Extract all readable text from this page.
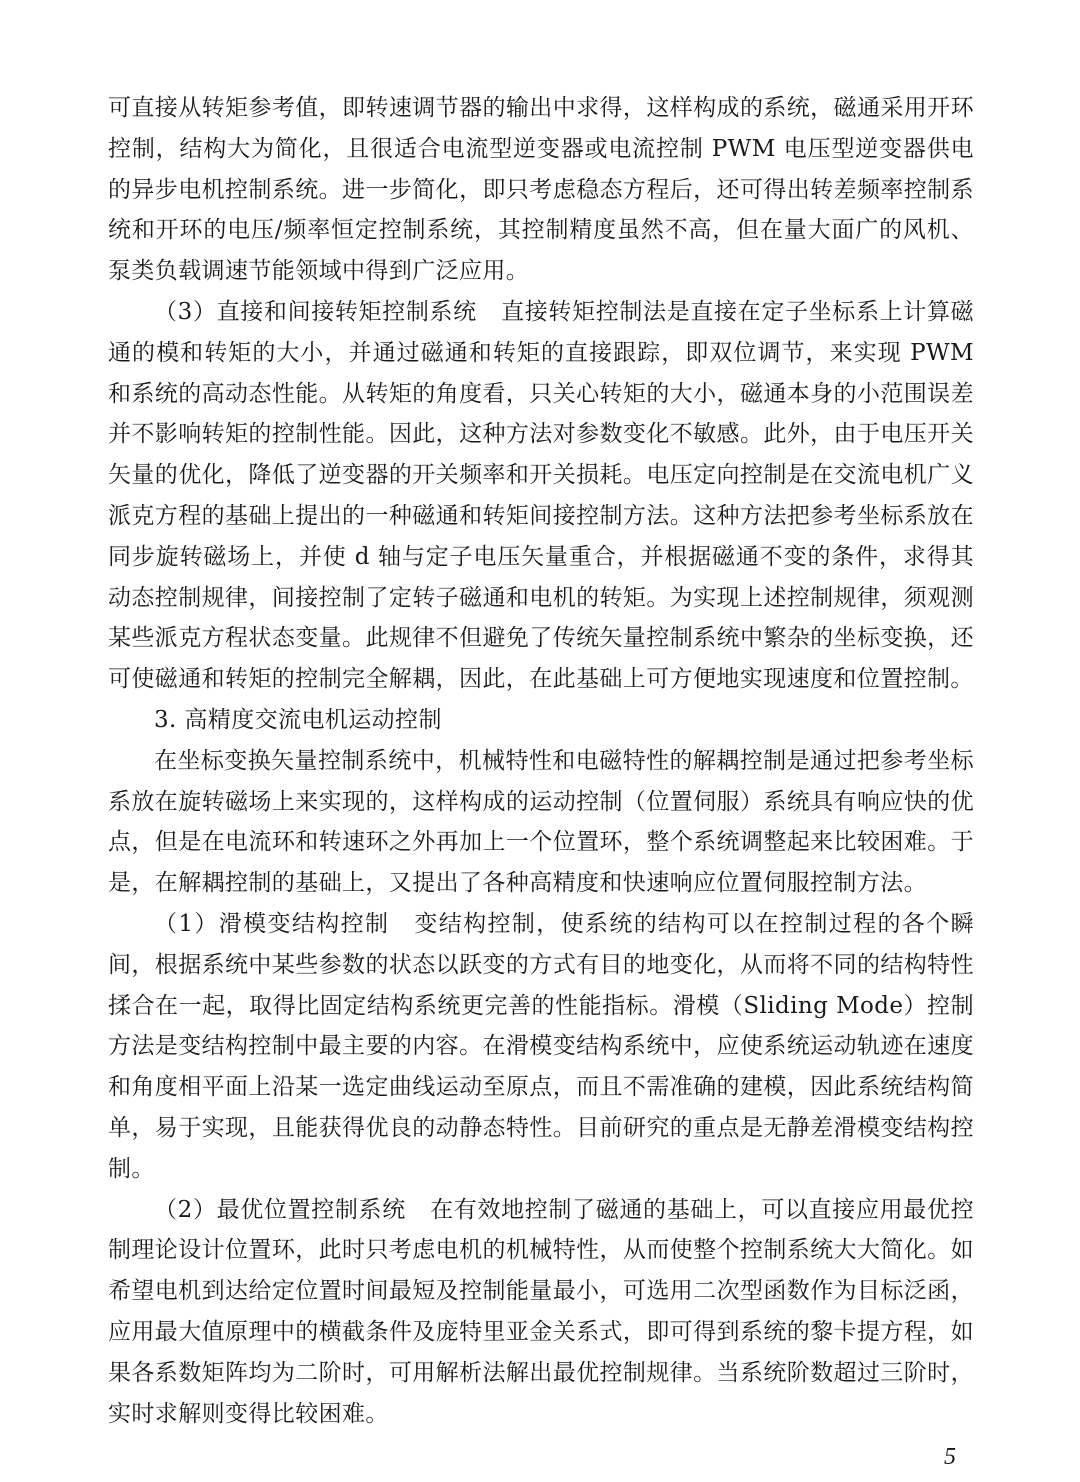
可直接从转矩参考值，即转速调节器的输出中求得，这样构成的系统，磁通采用开环控制，结构大为简化，且很适合电流型逆变器或电流控制 PWM 电压型逆变器供电的异步电机控制系统。进一步简化，即只考虑稳态方程后，还可得出转差频率控制系统和开环的电压/频率恒定控制系统，其控制精度虽然不高，但在量大面广的风机、泵类负载调速节能领域中得到广泛应用。

（3）直接和间接转矩控制系统 直接转矩控制法是直接在定子坐标系上计算磁通的模和转矩的大小，并通过磁通和转矩的直接跟踪，即双位调节，来实现 PWM 和系统的高动态性能。从转矩的角度看，只关心转矩的大小，磁通本身的小范围误差并不影响转矩的控制性能。因此，这种方法对参数变化不敏感。此外，由于电压开关矢量的优化，降低了逆变器的开关频率和开关损耗。电压定向控制是在交流电机广义派克方程的基础上提出的一种磁通和转矩间接控制方法。这种方法把参考坐标系放在同步旋转磁场上，并使 d 轴与定子电压矢量重合，并根据磁通不变的条件，求得其动态控制规律，间接控制了定转子磁通和电机的转矩。为实现上述控制规律，须观测某些派克方程状态变量。此规律不但避免了传统矢量控制系统中繁杂的坐标变换，还可使磁通和转矩的控制完全解耦，因此，在此基础上可方便地实现速度和位置控制。

3. 高精度交流电机运动控制

在坐标变换矢量控制系统中，机械特性和电磁特性的解耦控制是通过把参考坐标系放在旋转磁场上来实现的，这样构成的运动控制（位置伺服）系统具有响应快的优点，但是在电流环和转速环之外再加上一个位置环，整个系统调整起来比较困难。于是，在解耦控制的基础上，又提出了各种高精度和快速响应位置伺服控制方法。

（1）滑模变结构控制 变结构控制，使系统的结构可以在控制过程的各个瞬间，根据系统中某些参数的状态以跃变的方式有目的地变化，从而将不同的结构特性揉合在一起，取得比固定结构系统更完善的性能指标。滑模（Sliding Mode）控制方法是变结构控制中最主要的内容。在滑模变结构系统中，应使系统运动轨迹在速度和角度相平面上沿某一选定曲线运动至原点，而且不需准确的建模，因此系统结构简单，易于实现，且能获得优良的动静态特性。目前研究的重点是无静差滑模变结构控制。

（2）最优位置控制系统 在有效地控制了磁通的基础上，可以直接应用最优控制理论设计位置环，此时只考虑电机的机械特性，从而使整个控制系统大大简化。如希望电机到达给定位置时间最短及控制能量最小，可选用二次型函数作为目标泛函，应用最大值原理中的横截条件及庞特里亚金关系式，即可得到系统的黎卡提方程，如果各系数矩阵均为二阶时，可用解析法解出最优控制规律。当系统阶数超过三阶时，实时求解则变得比较困难。

5
